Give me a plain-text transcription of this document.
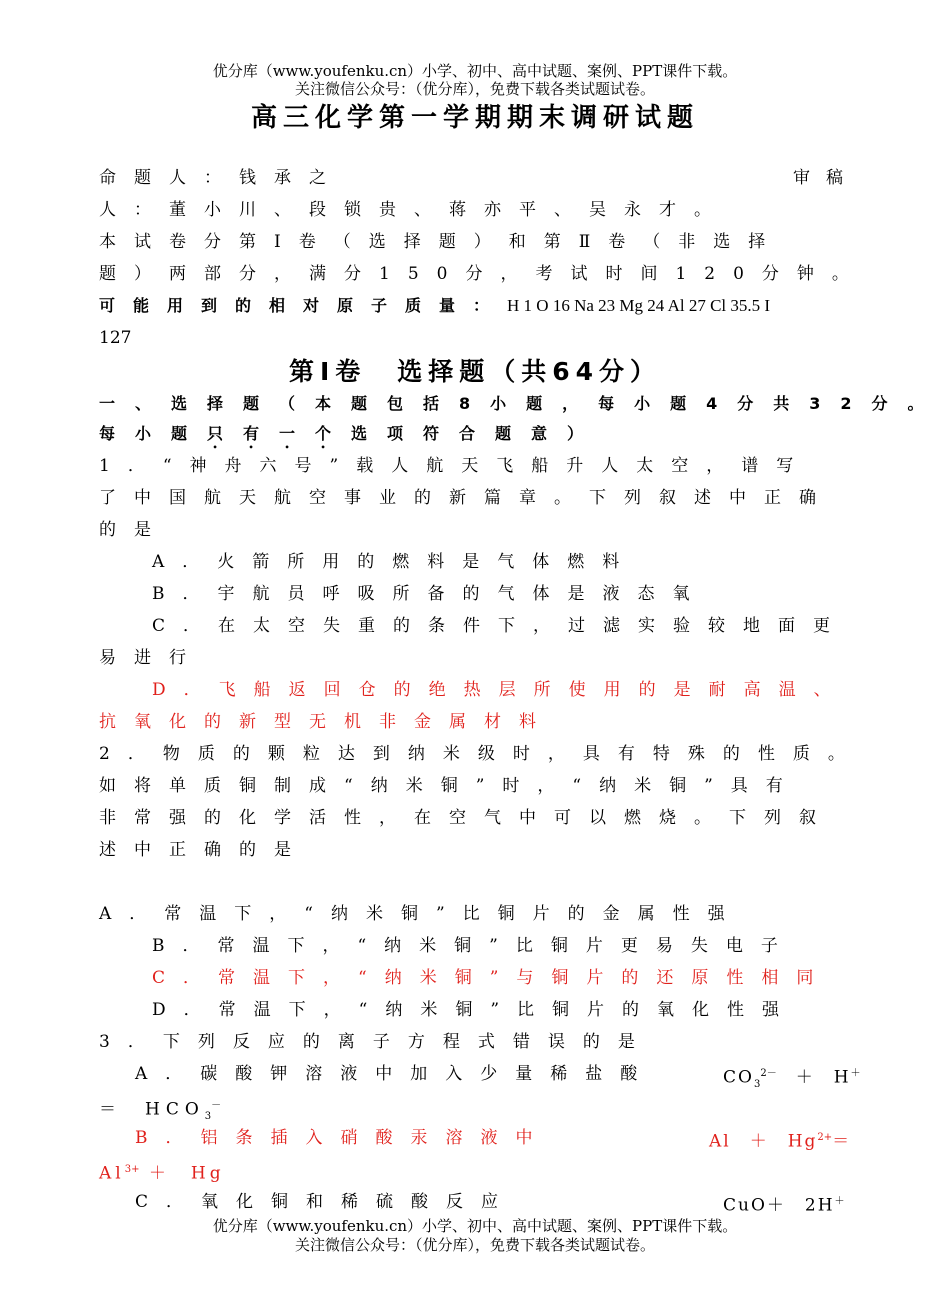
优分库（www.youfenku.cn）小学、初中、高中试题、案例、PPT课件下载。
关注微信公众号：（优分库），免费下载各类试题试卷。
高三化学第一学期期末调研试题
命题人：钱承之	审稿
人：董小川、段锁贵、蒋亦平、吴永才。
本试卷分第Ⅰ卷（选择题）和第Ⅱ卷（非选择
题）两部分，满分150分，考试时间120分钟。
可能用到的相对原子质量：H 1 O 16 Na 23 Mg 24 Al 27 Cl 35.5 I
127
第Ⅰ卷　选择题（共64分）
一、选择题（本题包括8小题，每小题4分共32分。
每小题只有一个选项符合题意）
1．“神舟六号”载人航天飞船升人太空，谱写
了中国航天航空事业的新篇章。下列叙述中正确
的是
A．火箭所用的燃料是气体燃料
B．宇航员呼吸所备的气体是液态氧
C．在太空失重的条件下，过滤实验较地面更
易进行
D．飞船返回仓的绝热层所使用的是耐高温、
抗氧化的新型无机非金属材料
2．物质的颗粒达到纳米级时，具有特殊的性质。
如将单质铜制成“纳米铜”时，“纳米铜”具有
非常强的化学活性，在空气中可以燃烧。下列叙
述中正确的是
A．常温下，“纳米铜”比铜片的金属性强
B．常温下，“纳米铜”比铜片更易失电子
C．常温下，“纳米铜”与铜片的还原性相同
D．常温下，“纳米铜”比铜片的氧化性强
3．下列反应的离子方程式错误的是
A．碳酸钾溶液中加入少量稀盐酸	$CO_3^{2-}$　 ＋　H＋
＝　$HCO_3^-$
B．铝条插入硝酸汞溶液中	Al　＋　$Hg^{2+}=$
$Al^{3+}$ ＋　Hg
C．氧化铜和稀硫酸反应	CuO＋　2H＋
优分库（www.youfenku.cn）小学、初中、高中试题、案例、PPT课件下载。
关注微信公众号：（优分库），免费下载各类试题试卷。
